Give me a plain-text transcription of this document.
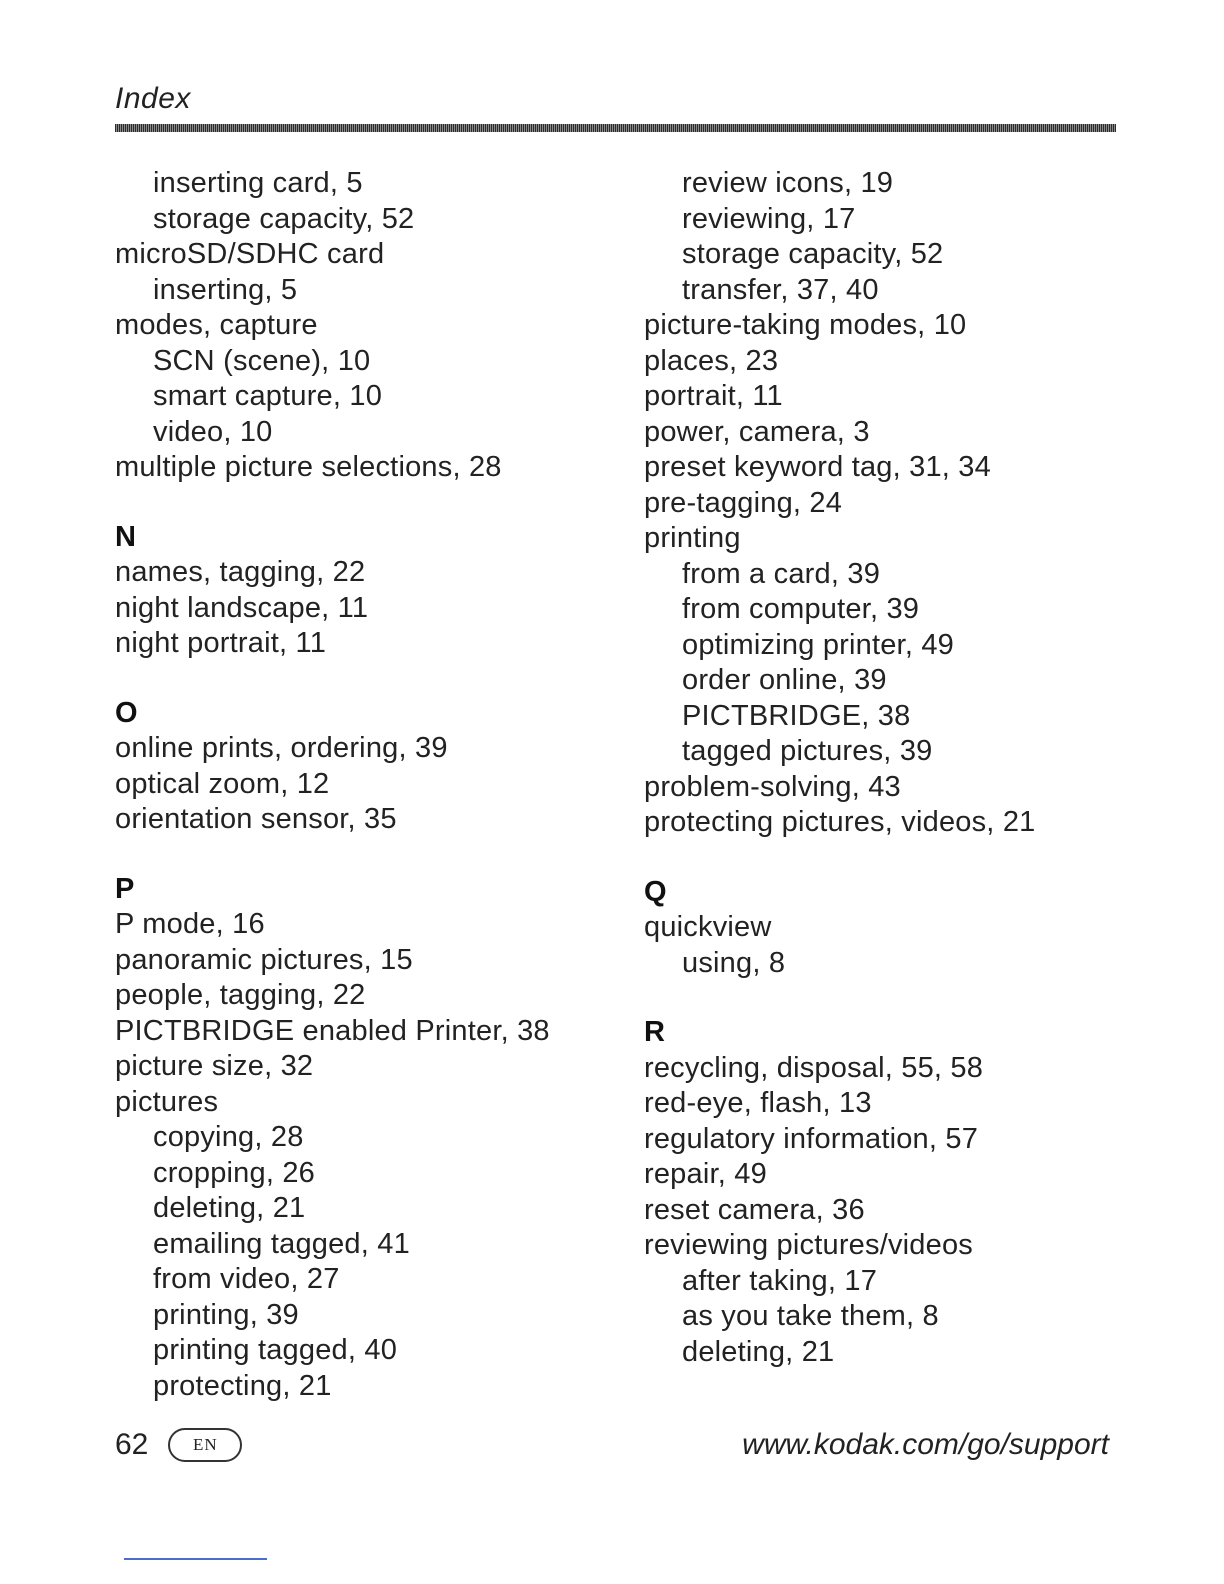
Index
inserting card, 5
storage capacity, 52
microSD/SDHC card
inserting, 5
modes, capture
SCN (scene), 10
smart capture, 10
video, 10
multiple picture selections, 28
N
names, tagging, 22
night landscape, 11
night portrait, 11
O
online prints, ordering, 39
optical zoom, 12
orientation sensor, 35
P
P mode, 16
panoramic pictures, 15
people, tagging, 22
PICTBRIDGE enabled Printer, 38
picture size, 32
pictures
copying, 28
cropping, 26
deleting, 21
emailing tagged, 41
from video, 27
printing, 39
printing tagged, 40
protecting, 21
review icons, 19
reviewing, 17
storage capacity, 52
transfer, 37, 40
picture-taking modes, 10
places, 23
portrait, 11
power, camera, 3
preset keyword tag, 31, 34
pre-tagging, 24
printing
from a card, 39
from computer, 39
optimizing printer, 49
order online, 39
PICTBRIDGE, 38
tagged pictures, 39
problem-solving, 43
protecting pictures, videos, 21
Q
quickview
using, 8
R
recycling, disposal, 55, 58
red-eye, flash, 13
regulatory information, 57
repair, 49
reset camera, 36
reviewing pictures/videos
after taking, 17
as you take them, 8
deleting, 21
62	EN	www.kodak.com/go/support
